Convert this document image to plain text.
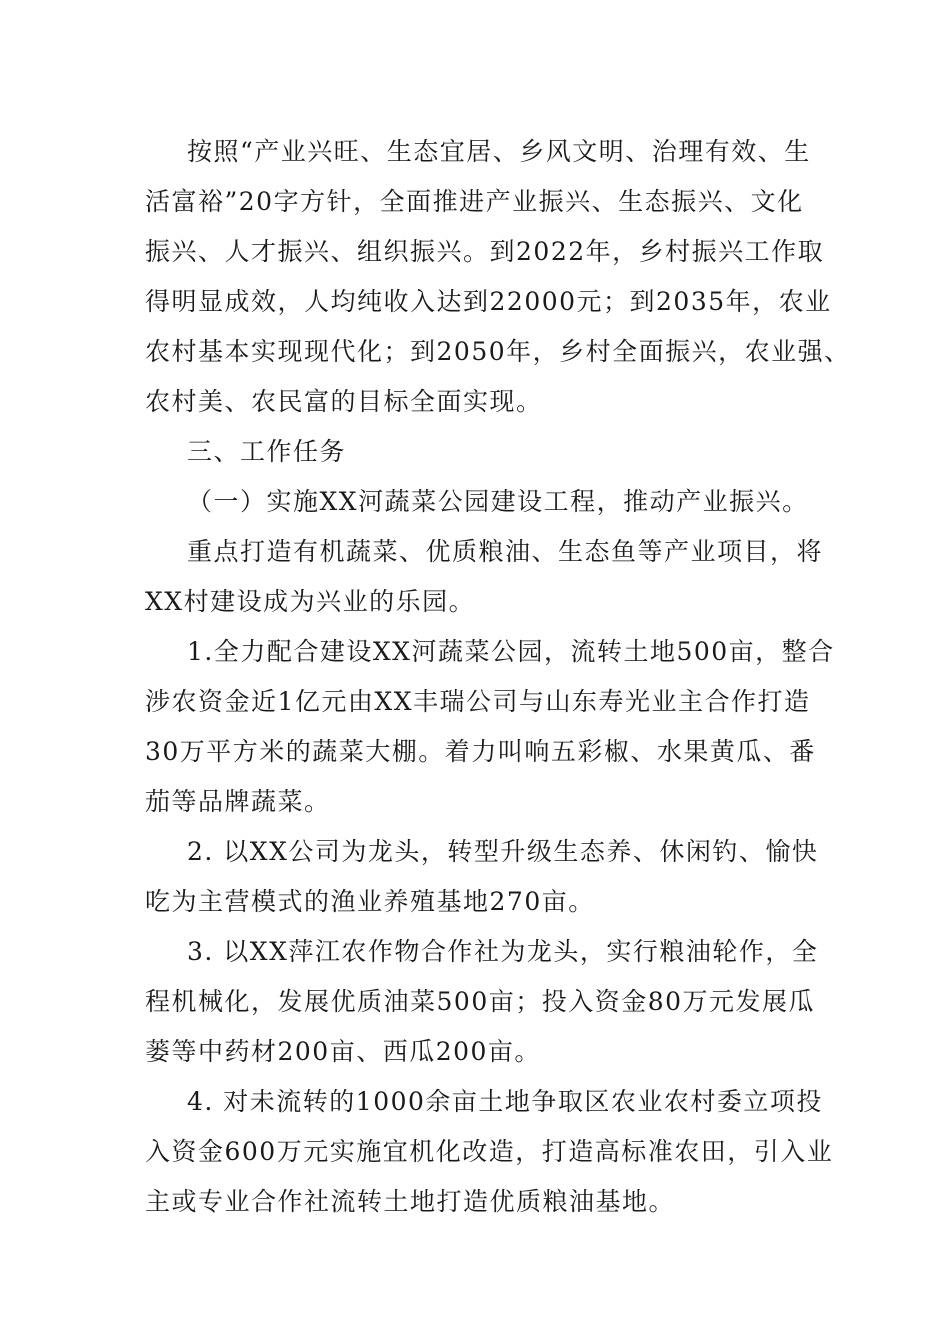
按照“产业兴旺、生态宜居、乡风文明、治理有效、生
活富裕”20字方针，全面推进产业振兴、生态振兴、文化
振兴、人才振兴、组织振兴。到2022年，乡村振兴工作取
得明显成效，人均纯收入达到22000元；到2035年，农业
农村基本实现现代化；到2050年，乡村全面振兴，农业强、
农村美、农民富的目标全面实现。
三、工作任务
（一）实施XX河蔬菜公园建设工程，推动产业振兴。
重点打造有机蔬菜、优质粮油、生态鱼等产业项目，将
XX村建设成为兴业的乐园。
1.全力配合建设XX河蔬菜公园，流转土地500亩，整合
涉农资金近1亿元由XX丰瑞公司与山东寿光业主合作打造
30万平方米的蔬菜大棚。着力叫响五彩椒、水果黄瓜、番
茄等品牌蔬菜。
2. 以XX公司为龙头，转型升级生态养、休闲钓、愉快
吃为主营模式的渔业养殖基地270亩。
3. 以XX萍江农作物合作社为龙头，实行粮油轮作，全
程机械化，发展优质油菜500亩；投入资金80万元发展瓜
蒌等中药材200亩、西瓜200亩。
4. 对未流转的1000余亩土地争取区农业农村委立项投
入资金600万元实施宜机化改造，打造高标准农田，引入业
主或专业合作社流转土地打造优质粮油基地。
